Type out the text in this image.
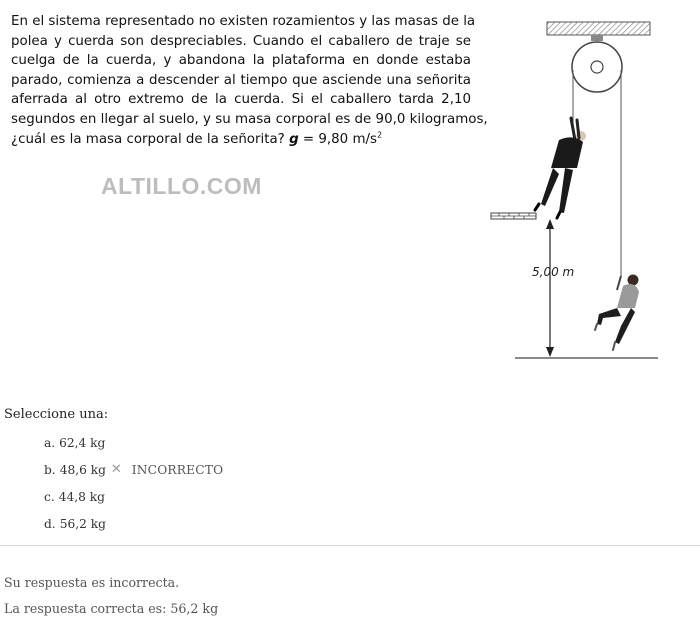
En el sistema representado no existen rozamientos y las masas de la
polea y cuerda son despreciables. Cuando el caballero de traje se
cuelga de la cuerda, y abandona la plataforma en donde estaba
parado, comienza a descender al tiempo que asciende una señorita
aferrada al otro extremo de la cuerda. Si el caballero tarda 2,10
segundos en llegar al suelo, y su masa corporal es de 90,0 kilogramos,
¿cuál es la masa corporal de la señorita? g = 9,80 $m/s^2$
ALTILLO.COM
5,00 m
Seleccione una:
a. 62,4 kg
b. 48,6 kg ✕ INCORRECTO
c. 44,8 kg
d. 56,2 kg
Su respuesta es incorrecta.
La respuesta correcta es: 56,2 kg
